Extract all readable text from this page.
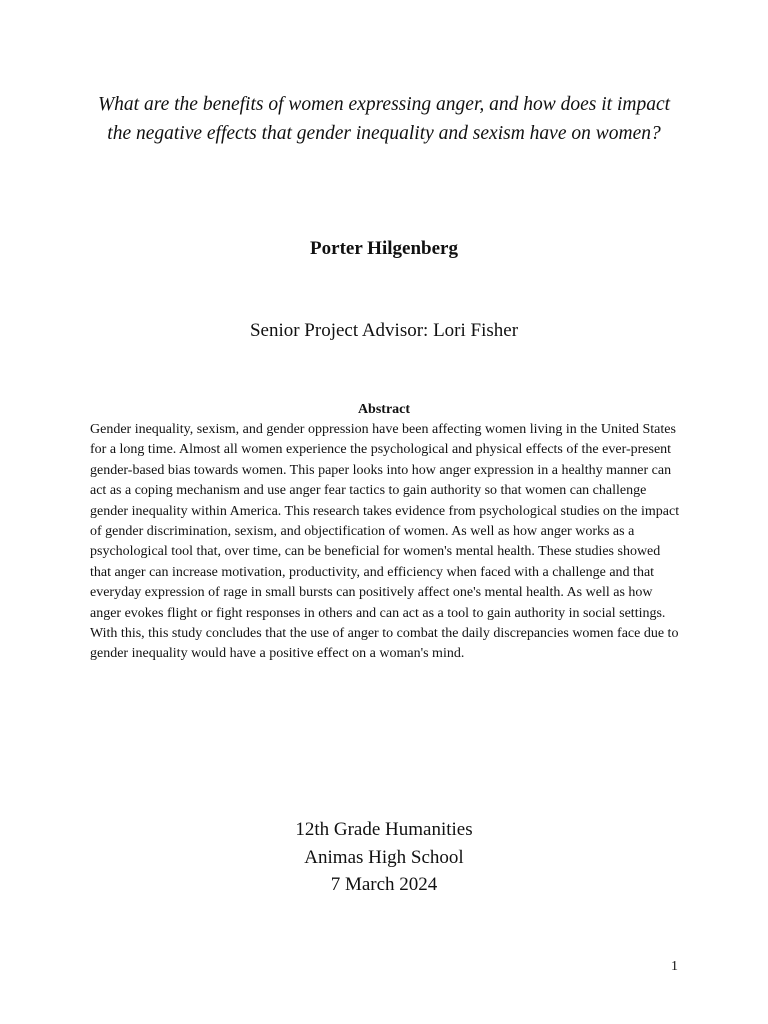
What are the benefits of women expressing anger, and how does it impact the negative effects that gender inequality and sexism have on women?
Porter Hilgenberg
Senior Project Advisor: Lori Fisher
Abstract

Gender inequality, sexism, and gender oppression have been affecting women living in the United States for a long time. Almost all women experience the psychological and physical effects of the ever-present gender-based bias towards women. This paper looks into how anger expression in a healthy manner can act as a coping mechanism and use anger fear tactics to gain authority so that women can challenge gender inequality within America. This research takes evidence from psychological studies on the impact of gender discrimination, sexism, and objectification of women. As well as how anger works as a psychological tool that, over time, can be beneficial for women's mental health. These studies showed that anger can increase motivation, productivity, and efficiency when faced with a challenge and that everyday expression of rage in small bursts can positively affect one's mental health. As well as how anger evokes flight or fight responses in others and can act as a tool to gain authority in social settings. With this, this study concludes that the use of anger to combat the daily discrepancies women face due to gender inequality would have a positive effect on a woman's mind.

12th Grade Humanities
Animas High School
7 March 2024
1
